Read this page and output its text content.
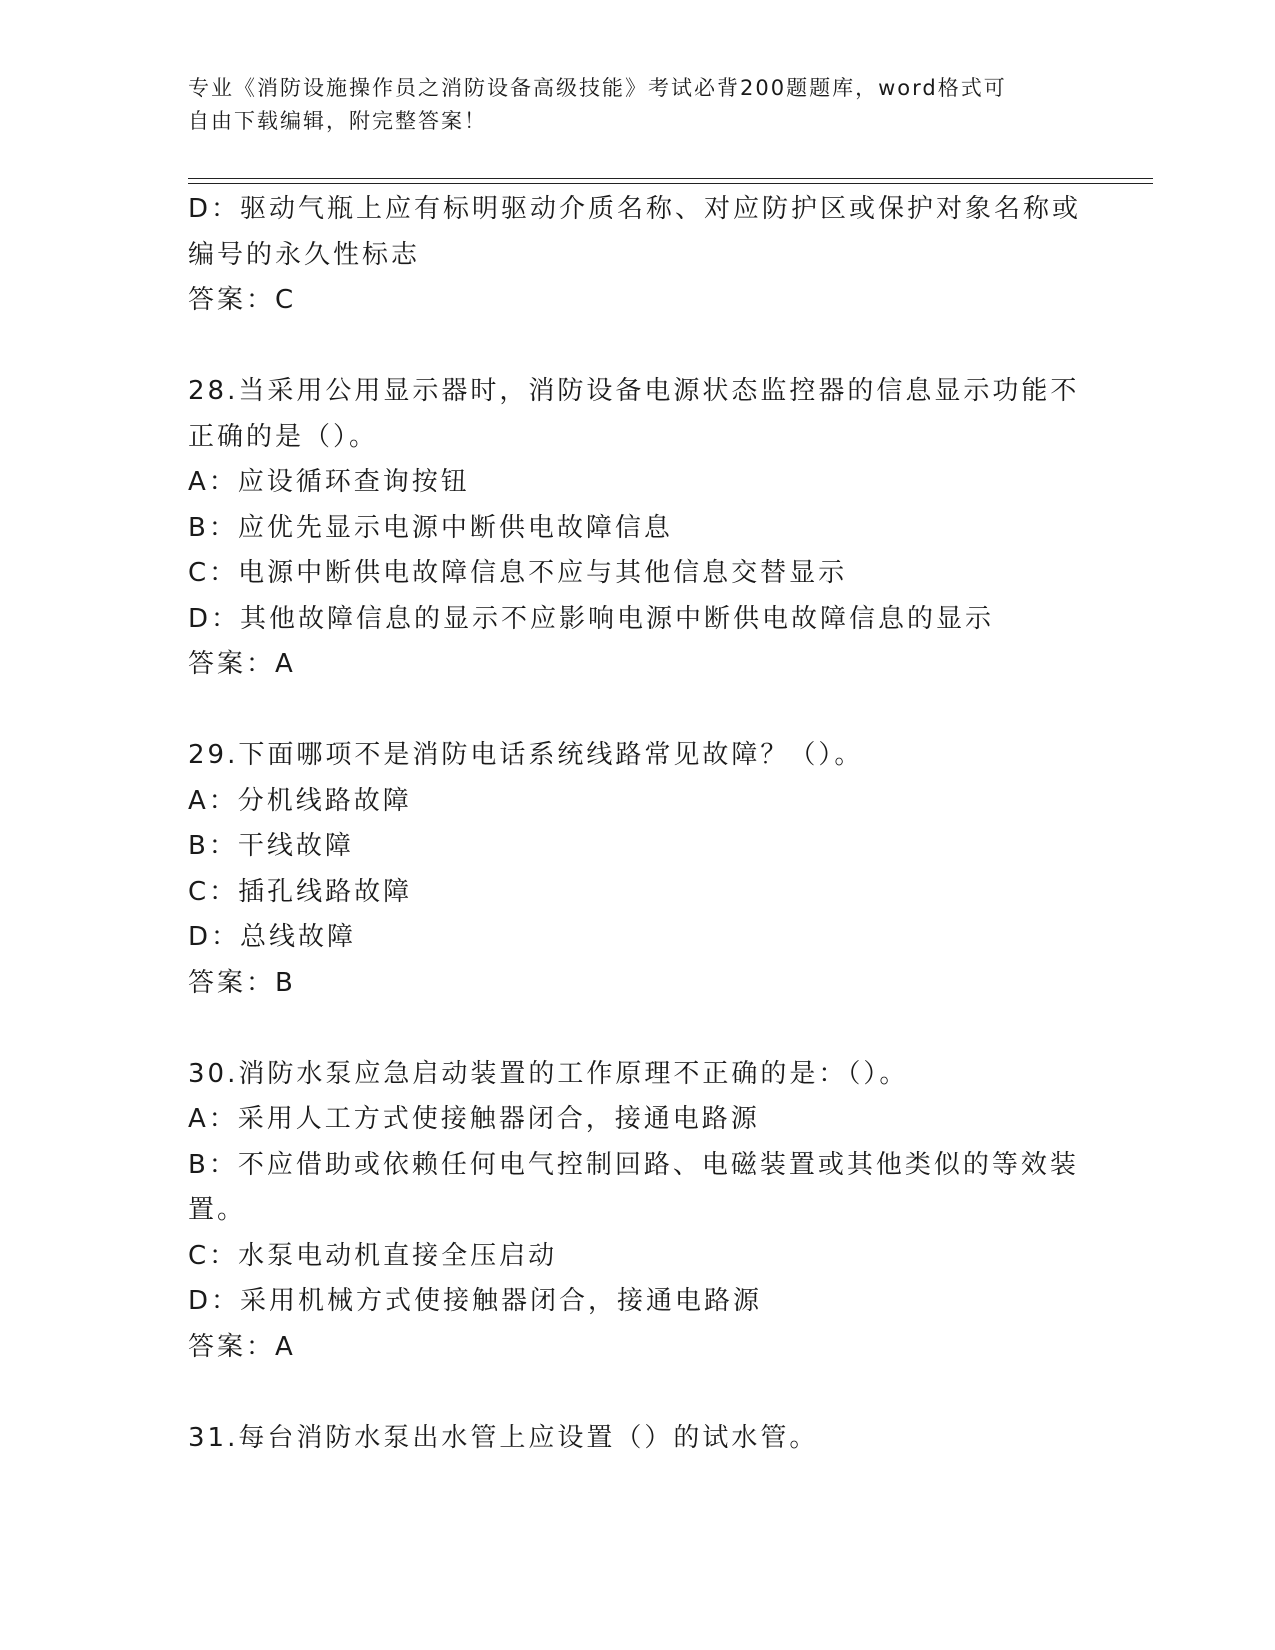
专业《消防设施操作员之消防设备高级技能》考试必背200题题库，word格式可
自由下载编辑，附完整答案！
D：驱动气瓶上应有标明驱动介质名称、对应防护区或保护对象名称或
编号的永久性标志
答案：C
28.当采用公用显示器时，消防设备电源状态监控器的信息显示功能不
正确的是（）。
A：应设循环查询按钮
B：应优先显示电源中断供电故障信息
C：电源中断供电故障信息不应与其他信息交替显示
D：其他故障信息的显示不应影响电源中断供电故障信息的显示
答案：A
29.下面哪项不是消防电话系统线路常见故障？（）。
A：分机线路故障
B：干线故障
C：插孔线路故障
D：总线故障
答案：B
30.消防水泵应急启动装置的工作原理不正确的是：（）。
A：采用人工方式使接触器闭合，接通电路源
B：不应借助或依赖任何电气控制回路、电磁装置或其他类似的等效装
置。
C：水泵电动机直接全压启动
D：采用机械方式使接触器闭合，接通电路源
答案：A
31.每台消防水泵出水管上应设置（）的试水管。
